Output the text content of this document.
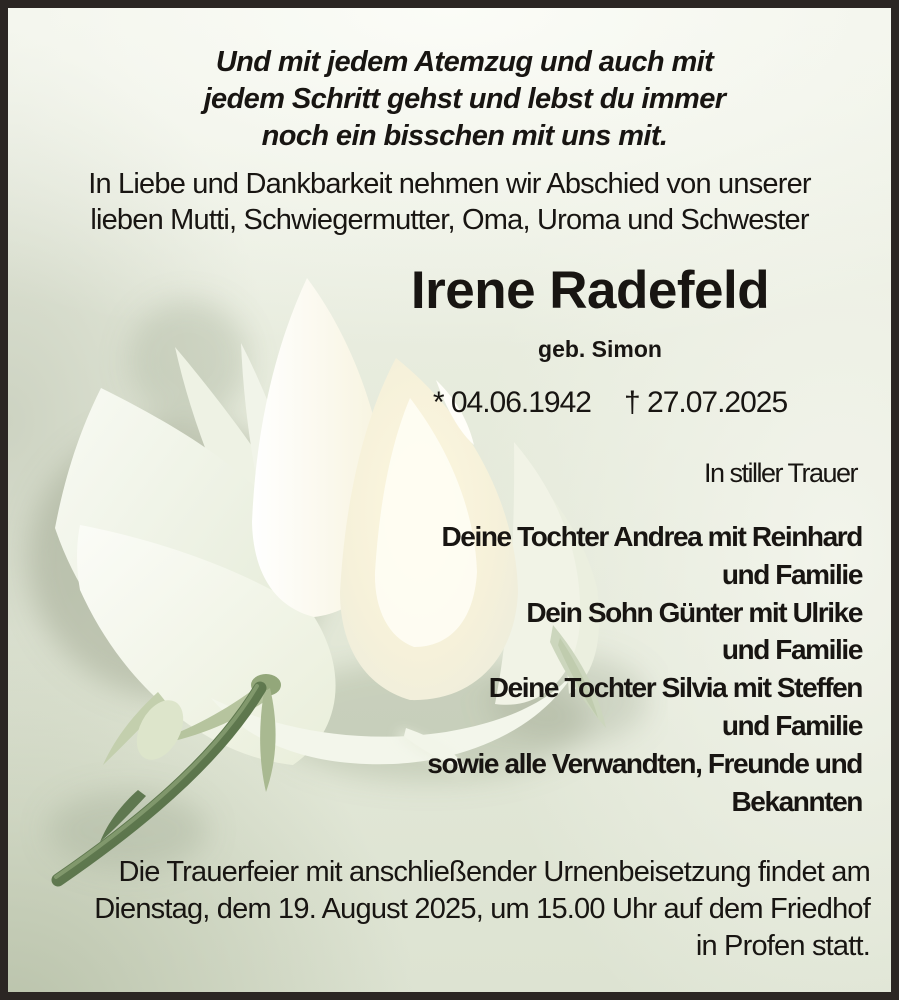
Und mit jedem Atemzug und auch mit
jedem Schritt gehst und lebst du immer
noch ein bisschen mit uns mit.
In Liebe und Dankbarkeit nehmen wir Abschied von unserer
lieben Mutti, Schwiegermutter, Oma, Uroma und Schwester
Irene Radefeld
geb. Simon
* 04.06.1942 † 27.07.2025
In stiller Trauer
Deine Tochter Andrea mit Reinhard
und Familie
Dein Sohn Günter mit Ulrike
und Familie
Deine Tochter Silvia mit Steffen
und Familie
sowie alle Verwandten, Freunde und
Bekannten
Die Trauerfeier mit anschließender Urnenbeisetzung findet am
Dienstag, dem 19. August 2025, um 15.00 Uhr auf dem Friedhof
in Profen statt.
